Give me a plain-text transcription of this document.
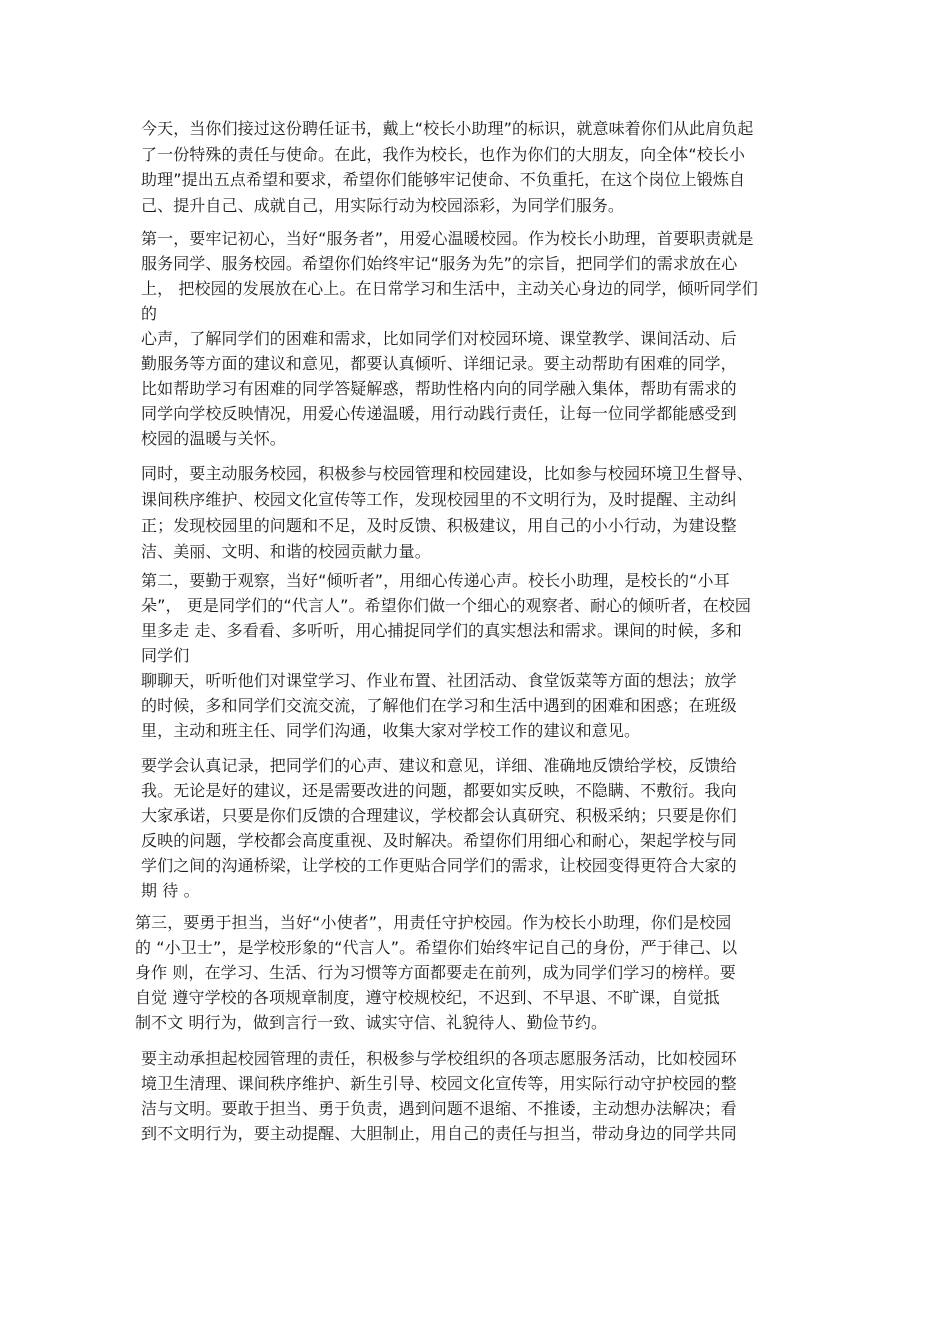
今天，当你们接过这份聘任证书，戴上“校长小助理”的标识，就意味着你们从此肩负起
了一份特殊的责任与使命。在此，我作为校长，也作为你们的大朋友，向全体“校长小
助理”提出五点希望和要求，希望你们能够牢记使命、不负重托，在这个岗位上锻炼自
己、提升自己、成就自己，用实际行动为校园添彩，为同学们服务。
第一，要牢记初心，当好“服务者”，用爱心温暖校园。作为校长小助理，首要职责就是
服务同学、服务校园。希望你们始终牢记“服务为先”的宗旨，把同学们的需求放在心
上， 把校园的发展放在心上。在日常学习和生活中，主动关心身边的同学，倾听同学们
的
心声，了解同学们的困难和需求，比如同学们对校园环境、课堂教学、课间活动、后
勤服务等方面的建议和意见，都要认真倾听、详细记录。要主动帮助有困难的同学，
比如帮助学习有困难的同学答疑解惑，帮助性格内向的同学融入集体，帮助有需求的
同学向学校反映情况，用爱心传递温暖，用行动践行责任，让每一位同学都能感受到
校园的温暖与关怀。
同时，要主动服务校园，积极参与校园管理和校园建设，比如参与校园环境卫生督导、
课间秩序维护、校园文化宣传等工作，发现校园里的不文明行为，及时提醒、主动纠
正；发现校园里的问题和不足，及时反馈、积极建议，用自己的小小行动，为建设整
洁、美丽、文明、和谐的校园贡献力量。
第二，要勤于观察，当好“倾听者”，用细心传递心声。校长小助理，是校长的“小耳
朵”， 更是同学们的“代言人”。希望你们做一个细心的观察者、耐心的倾听者，在校园
里多走 走、多看看、多听听，用心捕捉同学们的真实想法和需求。课间的时候，多和
同学们
聊聊天，听听他们对课堂学习、作业布置、社团活动、食堂饭菜等方面的想法；放学
的时候，多和同学们交流交流，了解他们在学习和生活中遇到的困难和困惑；在班级
里，主动和班主任、同学们沟通，收集大家对学校工作的建议和意见。
要学会认真记录，把同学们的心声、建议和意见，详细、准确地反馈给学校，反馈给
我。无论是好的建议，还是需要改进的问题，都要如实反映，不隐瞒、不敷衍。我向
大家承诺，只要是你们反馈的合理建议，学校都会认真研究、积极采纳；只要是你们
反映的问题，学校都会高度重视、及时解决。希望你们用细心和耐心，架起学校与同
学们之间的沟通桥梁，让学校的工作更贴合同学们的需求，让校园变得更符合大家的
期 待 。
第三，要勇于担当，当好“小使者”，用责任守护校园。作为校长小助理，你们是校园
的 “小卫士”，是学校形象的“代言人”。希望你们始终牢记自己的身份，严于律己、以
身作 则，在学习、生活、行为习惯等方面都要走在前列，成为同学们学习的榜样。要
自觉 遵守学校的各项规章制度，遵守校规校纪，不迟到、不早退、不旷课，自觉抵
制不文 明行为，做到言行一致、诚实守信、礼貌待人、勤俭节约。
要主动承担起校园管理的责任，积极参与学校组织的各项志愿服务活动，比如校园环
境卫生清理、课间秩序维护、新生引导、校园文化宣传等，用实际行动守护校园的整
洁与文明。要敢于担当、勇于负责，遇到问题不退缩、不推诿，主动想办法解决；看
到不文明行为，要主动提醒、大胆制止，用自己的责任与担当，带动身边的同学共同
